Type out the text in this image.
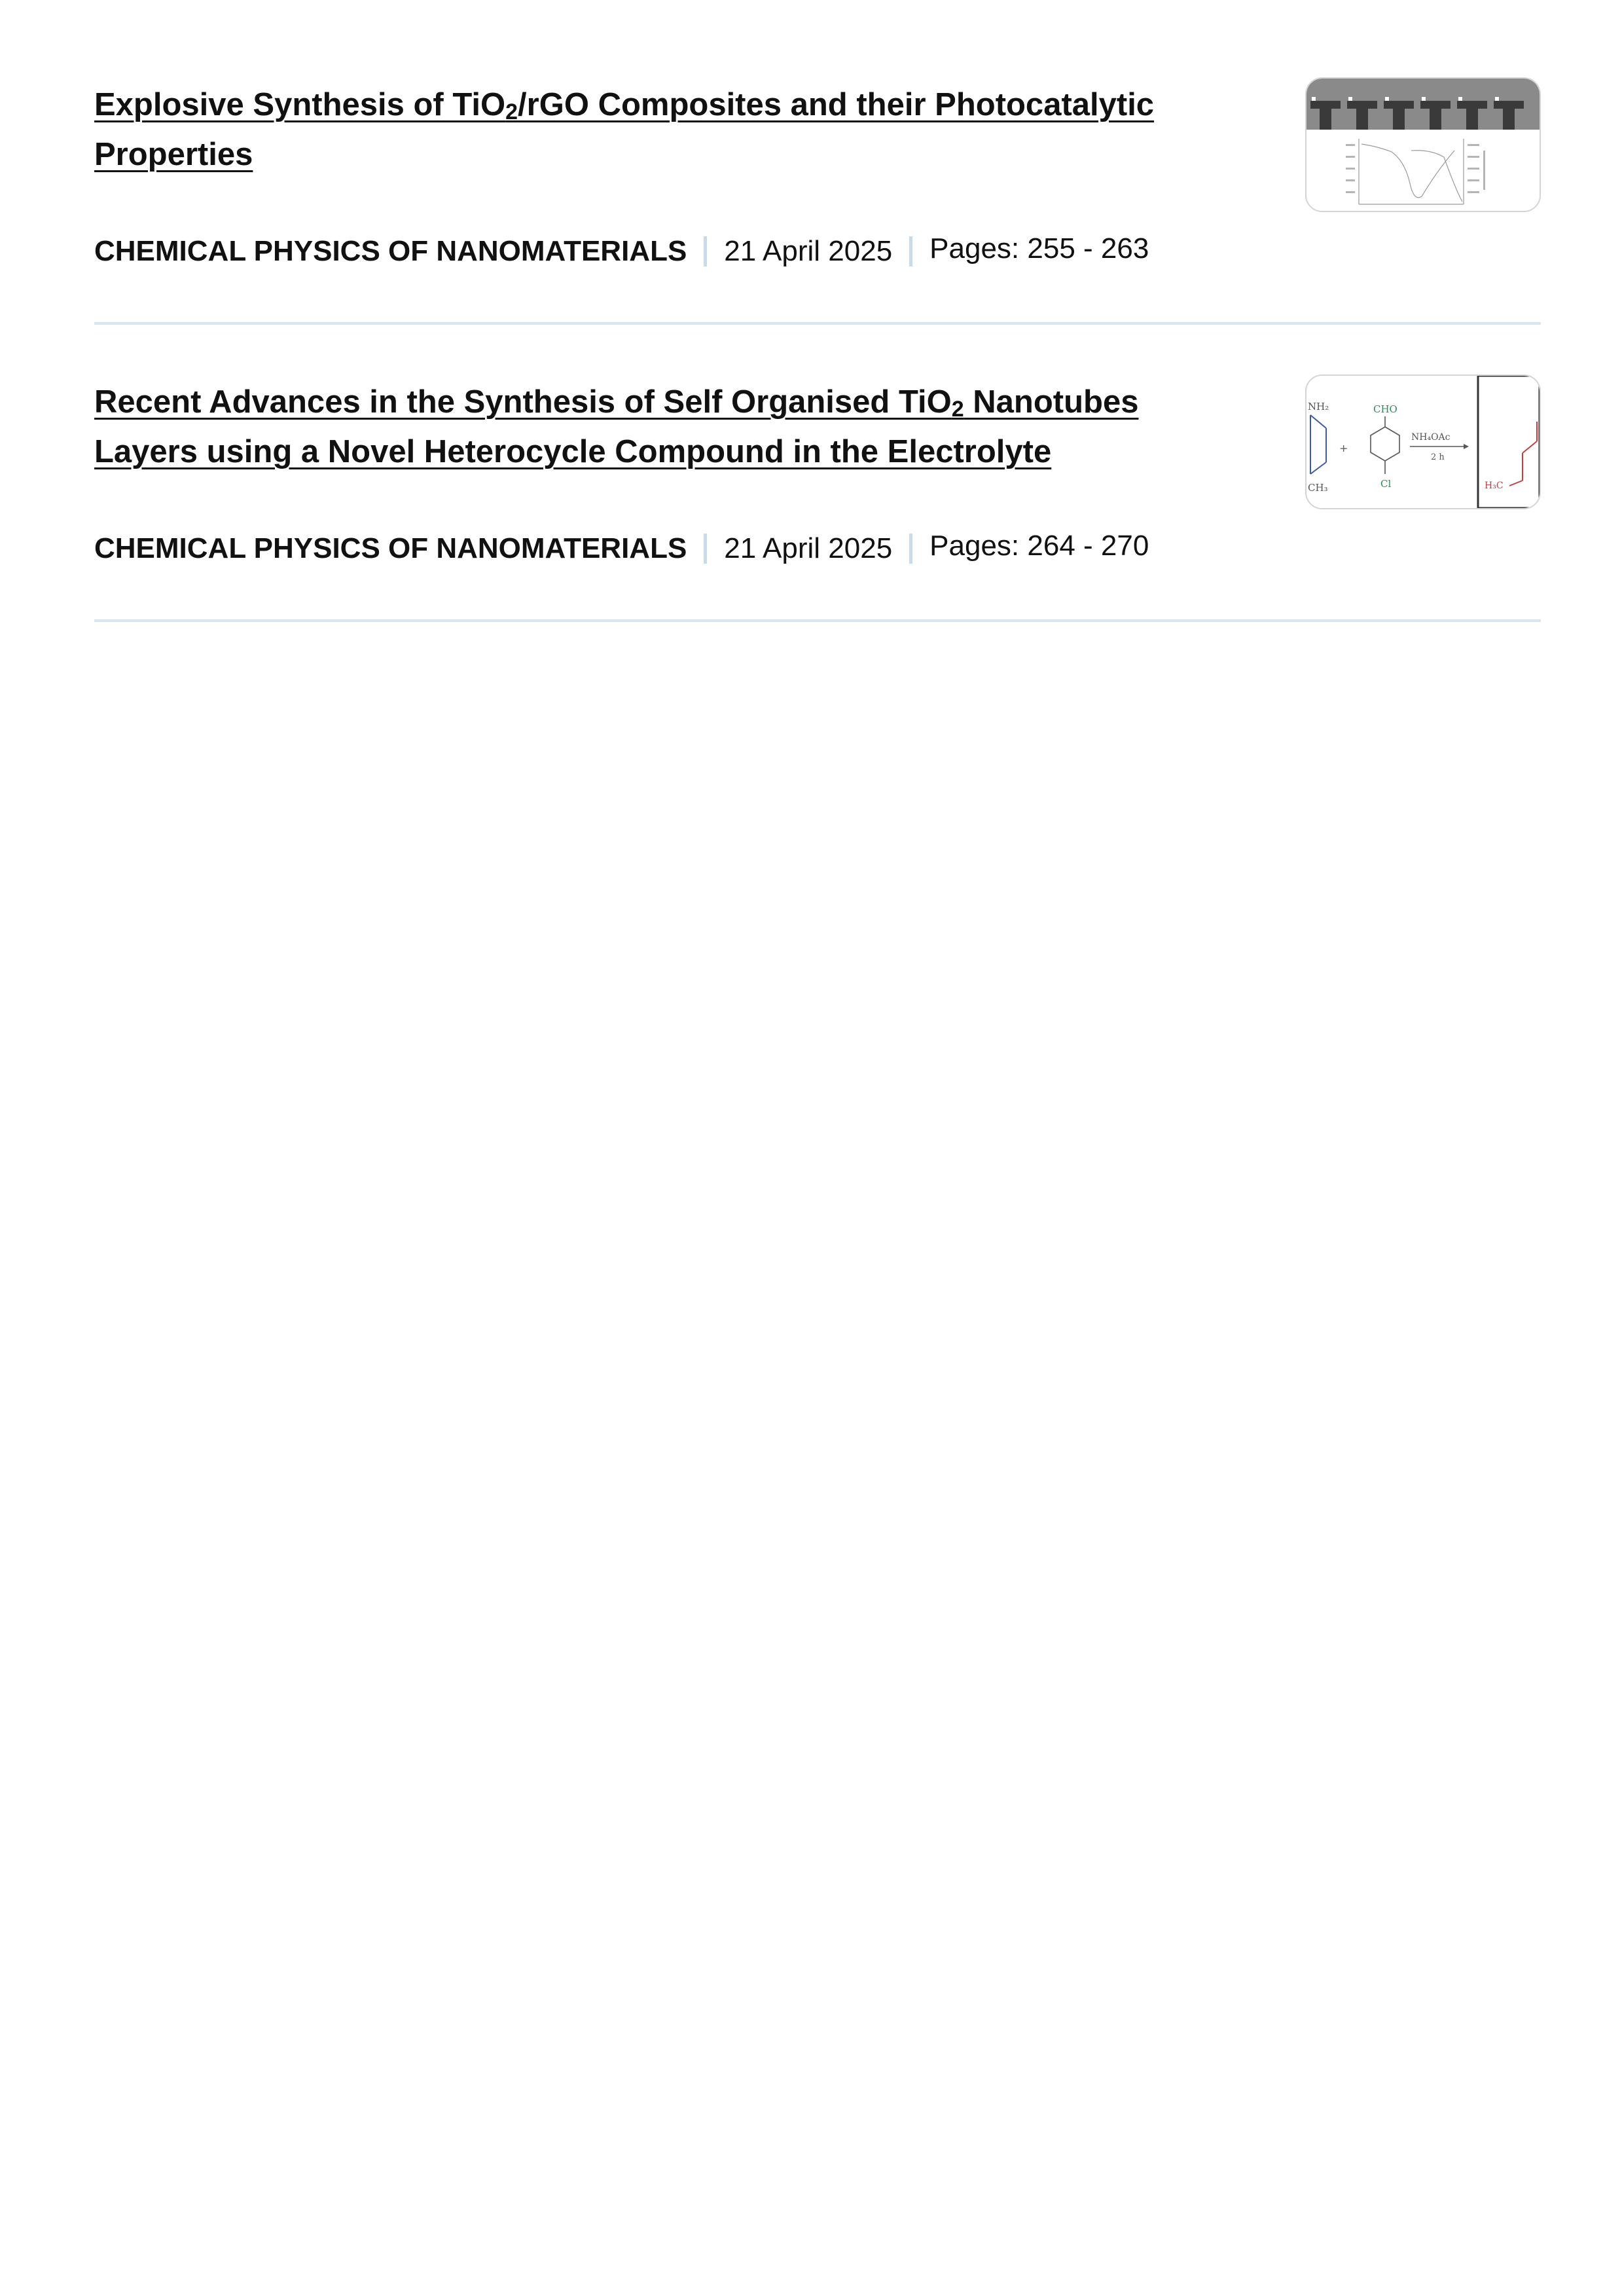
Explosive Synthesis of TiO$_2$/rGO Composites and their Photocatalytic Properties
CHEMICAL PHYSICS OF NANOMATERIALS 21 April 2025 Pages: 255 - 263
Recent Advances in the Synthesis of Self Organised TiO$_2$ Nanotubes Layers using a Novel Heterocycle Compound in the Electrolyte
CHEMICAL PHYSICS OF NANOMATERIALS 21 April 2025 Pages: 264 - 270
NH₂
CH₃
+
CHO
Cl
NH₄OAc
2 h
H₃C
